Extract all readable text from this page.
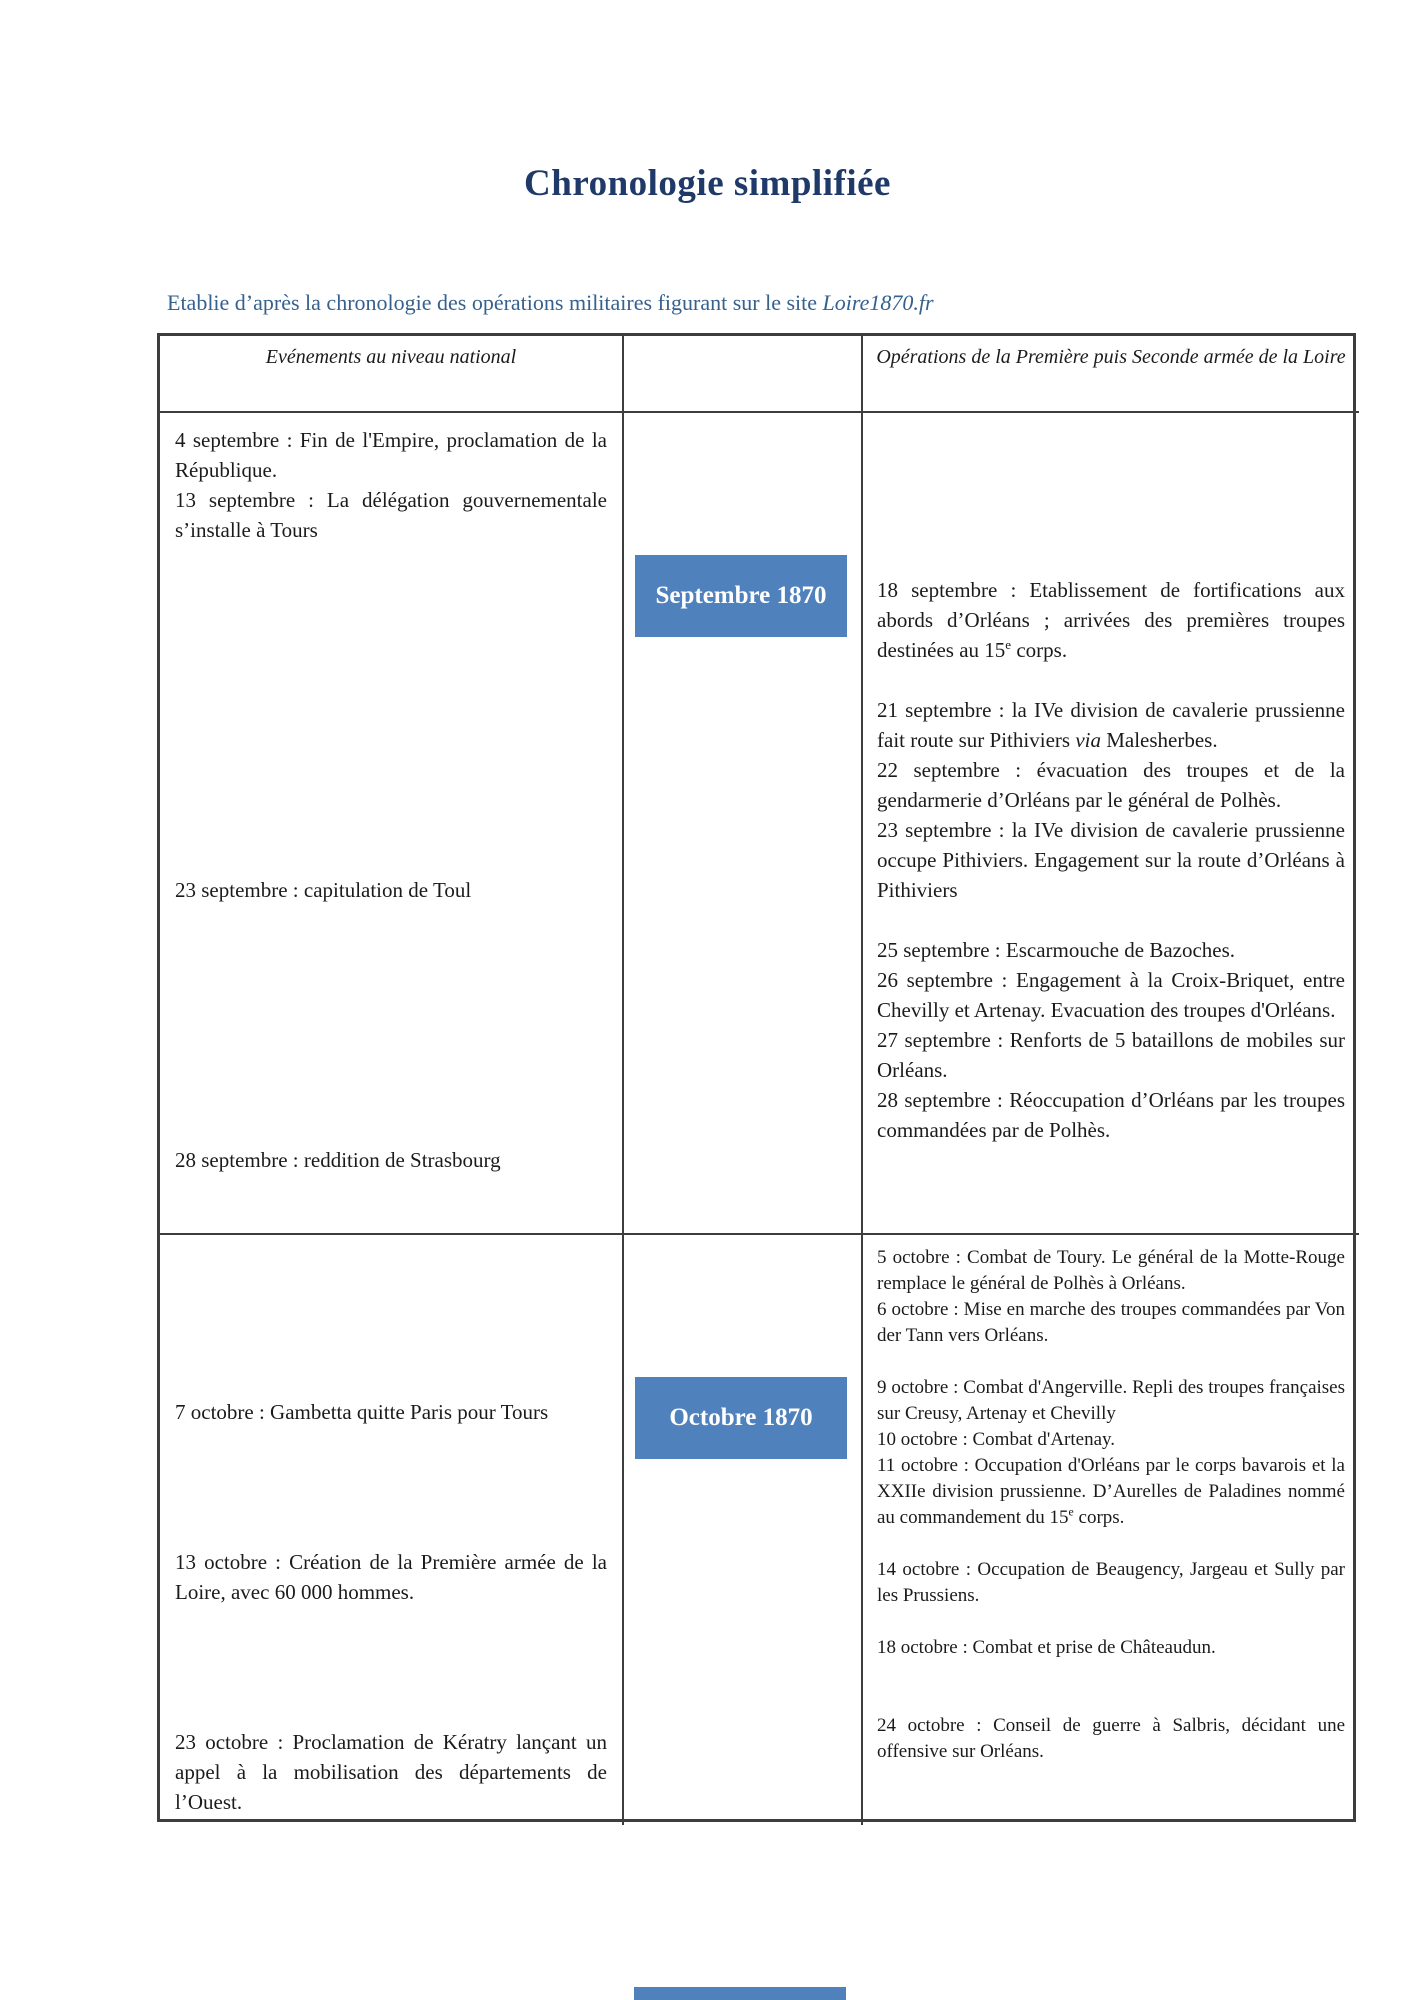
Chronologie simplifiée

Etablie d’après la chronologie des opérations militaires figurant sur le site Loire1870.fr

Evénements au niveau national	Opérations de la Première puis Seconde armée de la Loire

4 septembre : Fin de l'Empire, proclamation de la République.

13 septembre : La délégation gouvernementale s’installe à Tours

23 septembre : capitulation de Toul

28 septembre : reddition de Strasbourg

Septembre 1870	18 septembre : Etablissement de fortifications aux abords d’Orléans ; arrivées des premières troupes destinées au 15e corps.

21 septembre : la IVe division de cavalerie prussienne fait route sur Pithiviers via Malesherbes.

22 septembre : évacuation des troupes et de la gendarmerie d’Orléans par le général de Polhès.

23 septembre : la IVe division de cavalerie prussienne occupe Pithiviers. Engagement sur la route d’Orléans à Pithiviers

25 septembre : Escarmouche de Bazoches.

26 septembre : Engagement à la Croix-Briquet, entre Chevilly et Artenay. Evacuation des troupes d'Orléans.

27 septembre : Renforts de 5 bataillons de mobiles sur Orléans.

28 septembre : Réoccupation d’Orléans par les troupes commandées par de Polhès.

7 octobre : Gambetta quitte Paris pour Tours

13 octobre : Création de la Première armée de la Loire, avec 60 000 hommes.

23 octobre : Proclamation de Kératry lançant un appel à la mobilisation des départements de l’Ouest.

Octobre 1870

5 octobre : Combat de Toury. Le général de la Motte-Rouge remplace le général de Polhès à Orléans.

6 octobre : Mise en marche des troupes commandées par Von der Tann vers Orléans.

9 octobre : Combat d'Angerville. Repli des troupes françaises sur Creusy, Artenay et Chevilly

10 octobre : Combat d'Artenay.

11 octobre : Occupation d'Orléans par le corps bavarois et la XXIIe division prussienne. D’Aurelles de Paladines nommé au commandement du 15e corps.

14 octobre : Occupation de Beaugency, Jargeau et Sully par les Prussiens.

18 octobre : Combat et prise de Châteaudun.

24 octobre : Conseil de guerre à Salbris, décidant une offensive sur Orléans.
